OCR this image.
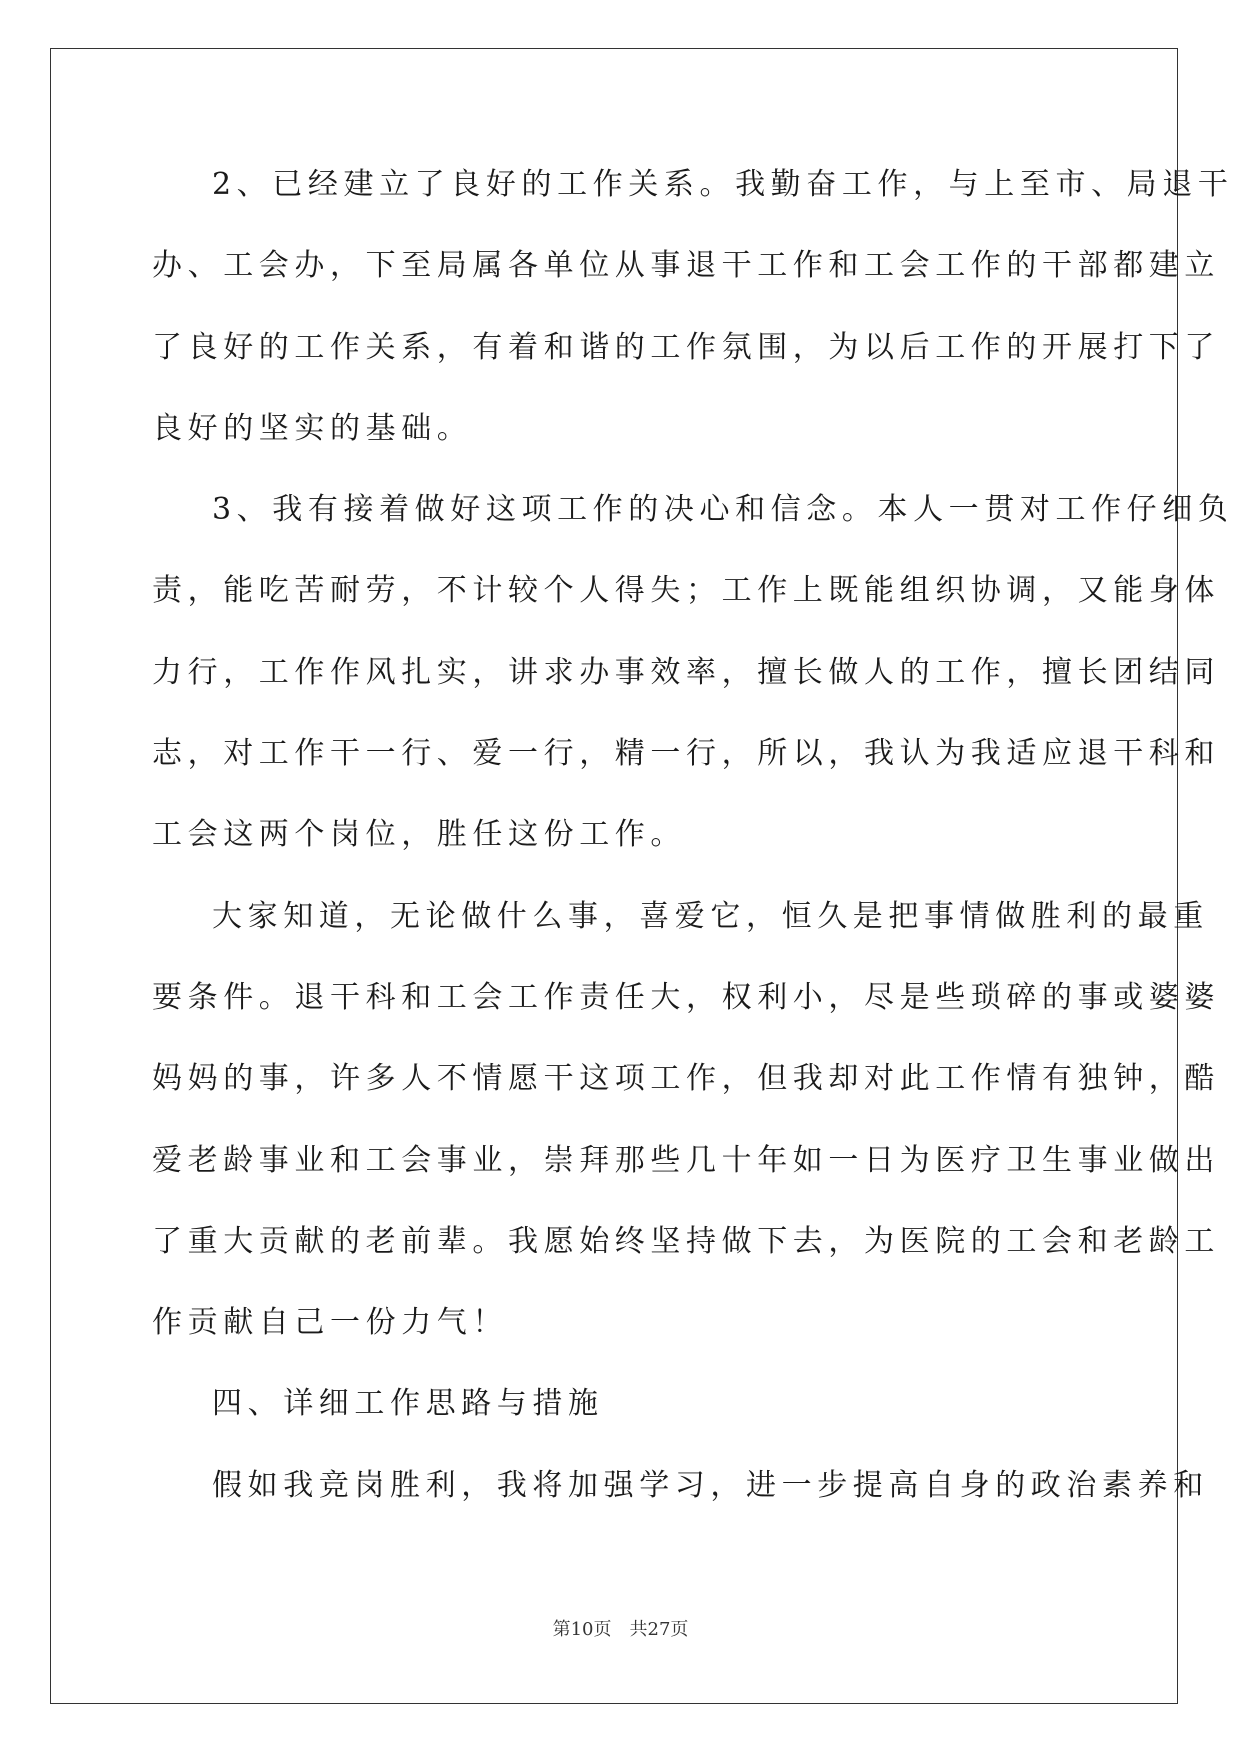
2、已经建立了良好的工作关系。我勤奋工作，与上至市、局退干
办、工会办，下至局属各单位从事退干工作和工会工作的干部都建立
了良好的工作关系，有着和谐的工作氛围，为以后工作的开展打下了
良好的坚实的基础。
3、我有接着做好这项工作的决心和信念。本人一贯对工作仔细负
责，能吃苦耐劳，不计较个人得失；工作上既能组织协调，又能身体
力行，工作作风扎实，讲求办事效率，擅长做人的工作，擅长团结同
志，对工作干一行、爱一行，精一行，所以，我认为我适应退干科和
工会这两个岗位，胜任这份工作。
大家知道，无论做什么事，喜爱它，恒久是把事情做胜利的最重
要条件。退干科和工会工作责任大，权利小，尽是些琐碎的事或婆婆
妈妈的事，许多人不情愿干这项工作，但我却对此工作情有独钟，酷
爱老龄事业和工会事业，崇拜那些几十年如一日为医疗卫生事业做出
了重大贡献的老前辈。我愿始终坚持做下去，为医院的工会和老龄工
作贡献自己一份力气！
四、详细工作思路与措施
假如我竞岗胜利，我将加强学习，进一步提高自身的政治素养和
第10页　共27页
